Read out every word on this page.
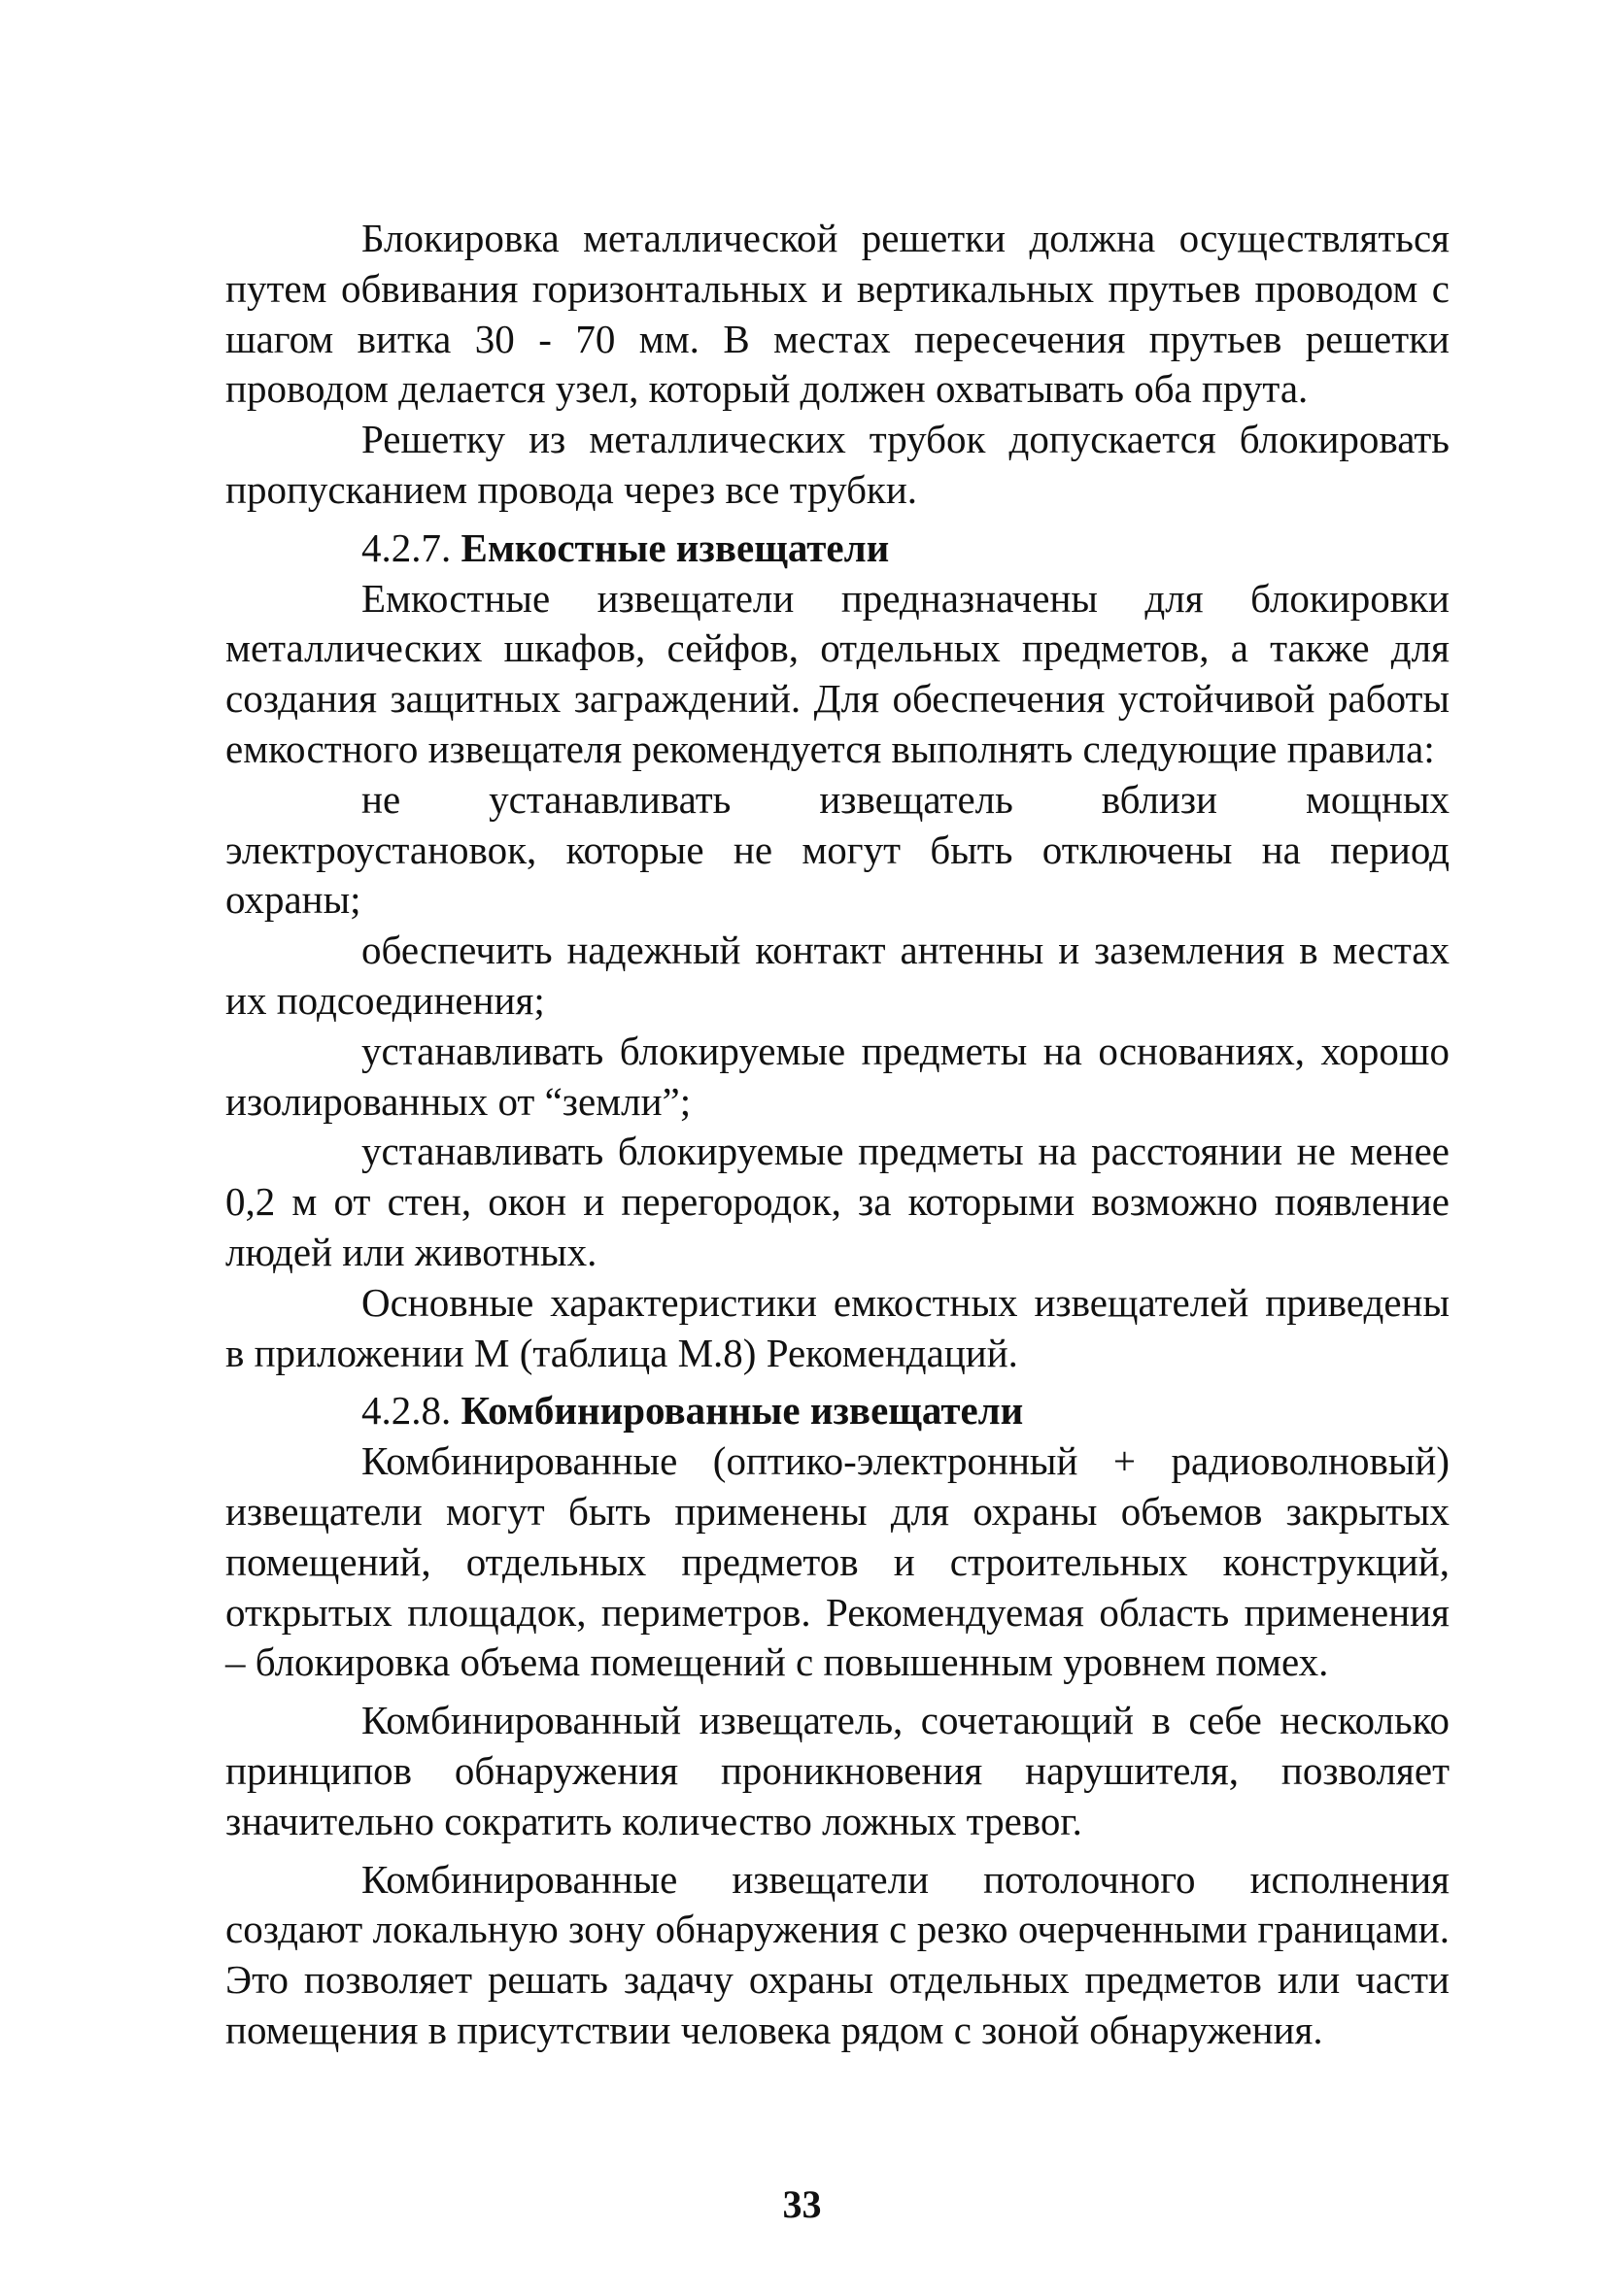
Блокировка металлической решетки должна осуществляться путем обвивания горизонтальных и вертикальных прутьев проводом с шагом витка 30 - 70 мм. В местах пересечения прутьев решетки проводом делается узел, который должен охватывать оба прута.

Решетку из металлических трубок допускается блокировать пропусканием провода через все трубки.

4.2.7. Емкостные извещатели

Емкостные извещатели предназначены для блокировки металлических шкафов, сейфов, отдельных предметов, а также для создания защитных заграждений. Для обеспечения устойчивой работы емкостного извещателя рекомендуется выполнять следующие правила:

не устанавливать извещатель вблизи мощных электроустановок, которые не могут быть отключены на период охраны;

обеспечить надежный контакт антенны и заземления в местах их подсоединения;

устанавливать блокируемые предметы на основаниях, хорошо изолированных от “земли”;

устанавливать блокируемые предметы на расстоянии не менее 0,2 м от стен, окон и перегородок, за которыми возможно появление людей или животных.

Основные характеристики емкостных извещателей приведены в приложении М (таблица М.8) Рекомендаций.

4.2.8. Комбинированные извещатели

Комбинированные (оптико-электронный + радиоволновый) извещатели могут быть применены для охраны объемов закрытых помещений, отдельных предметов и строительных конструкций, открытых площадок, периметров. Рекомендуемая область применения – блокировка объема помещений с повышенным уровнем помех.

Комбинированный извещатель, сочетающий в себе несколько принципов обнаружения проникновения нарушителя, позволяет значительно сократить количество ложных тревог.

Комбинированные извещатели потолочного исполнения создают локальную зону обнаружения с резко очерченными границами. Это позволяет решать задачу охраны отдельных предметов или части помещения в присутствии человека рядом с зоной обнаружения.

33
